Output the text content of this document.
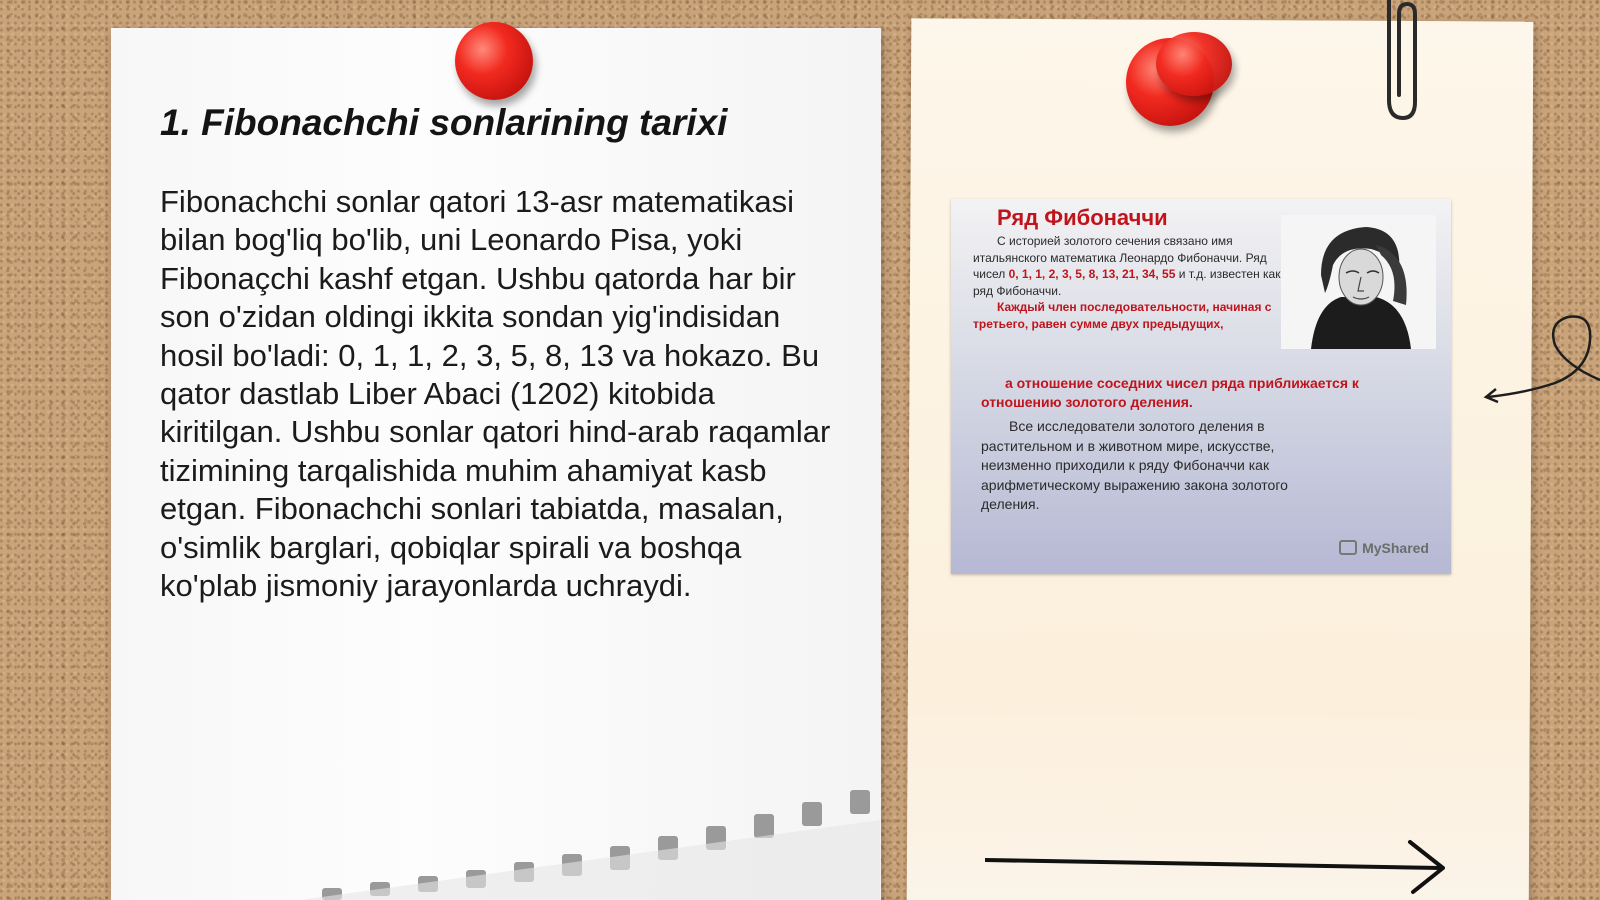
1. Fibonachchi sonlarining tarixi
Fibonachchi sonlar qatori 13-asr matematikasi bilan bog'liq bo'lib, uni Leonardo Pisa, yoki Fibonaçchi kashf etgan. Ushbu qatorda har bir son o'zidan oldingi ikkita sondan yig'indisidan hosil bo'ladi: 0, 1, 1, 2, 3, 5, 8, 13 va hokazo. Bu qator dastlab Liber Abaci (1202) kitobida kiritilgan. Ushbu sonlar qatori hind-arab raqamlar tizimining tarqalishida muhim ahamiyat kasb etgan. Fibonachchi sonlari tabiatda, masalan, o'simlik barglari, qobiqlar spirali va boshqa ko'plab jismoniy jarayonlarda uchraydi.
Ряд Фибоначчи
С историей золотого сечения связано имя итальянского математика Леонардо Фибоначчи. Ряд чисел 0, 1, 1, 2, 3, 5, 8, 13, 21, 34, 55 и т.д. известен как ряд Фибоначчи.
Каждый член последовательности, начиная с третьего, равен сумме двух предыдущих,
а отношение соседних чисел ряда приближается к отношению золотого деления.
Все исследователи золотого деления в растительном и в животном мире, искусстве, неизменно приходили к ряду Фибоначчи как арифметическому выражению закона золотого деления.
MyShared
